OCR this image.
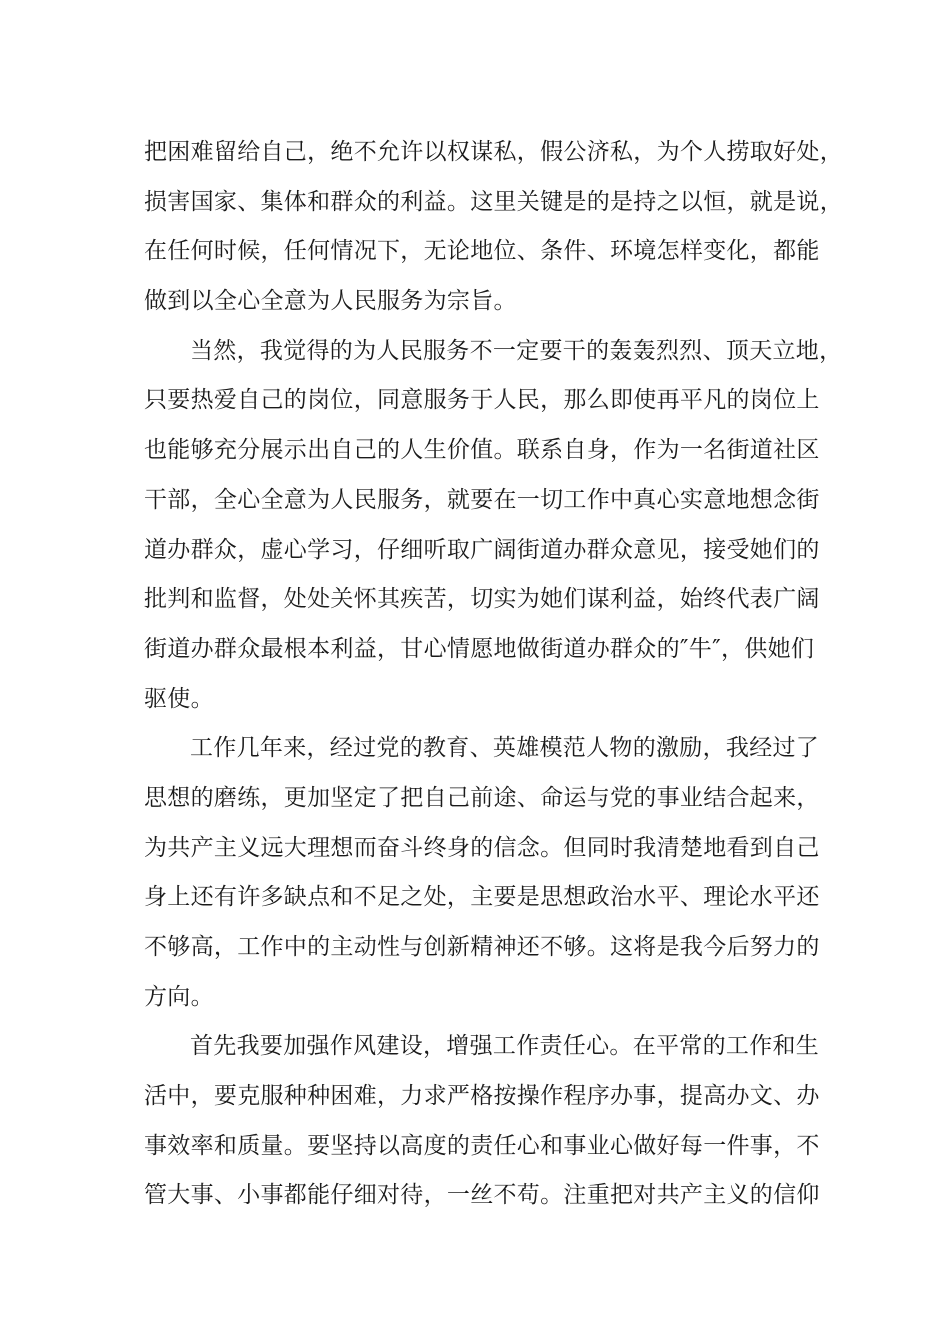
把困难留给自己，绝不允许以权谋私，假公济私，为个人捞取好处，
损害国家、集体和群众的利益。这里关键是的是持之以恒，就是说，
在任何时候，任何情况下，无论地位、条件、环境怎样变化，都能
做到以全心全意为人民服务为宗旨。
当然，我觉得的为人民服务不一定要干的轰轰烈烈、顶天立地，
只要热爱自己的岗位，同意服务于人民，那么即使再平凡的岗位上
也能够充分展示出自己的人生价值。联系自身，作为一名街道社区
干部，全心全意为人民服务，就要在一切工作中真心实意地想念街
道办群众，虚心学习，仔细听取广阔街道办群众意见，接受她们的
批判和监督，处处关怀其疾苦，切实为她们谋利益，始终代表广阔
街道办群众最根本利益，甘心情愿地做街道办群众的″牛″，供她们
驱使。
工作几年来，经过党的教育、英雄模范人物的激励，我经过了
思想的磨练，更加坚定了把自己前途、命运与党的事业结合起来，
为共产主义远大理想而奋斗终身的信念。但同时我清楚地看到自己
身上还有许多缺点和不足之处，主要是思想政治水平、理论水平还
不够高，工作中的主动性与创新精神还不够。这将是我今后努力的
方向。
首先我要加强作风建设，增强工作责任心。在平常的工作和生
活中，要克服种种困难，力求严格按操作程序办事，提高办文、办
事效率和质量。要坚持以高度的责任心和事业心做好每一件事，不
管大事、小事都能仔细对待，一丝不苟。注重把对共产主义的信仰
